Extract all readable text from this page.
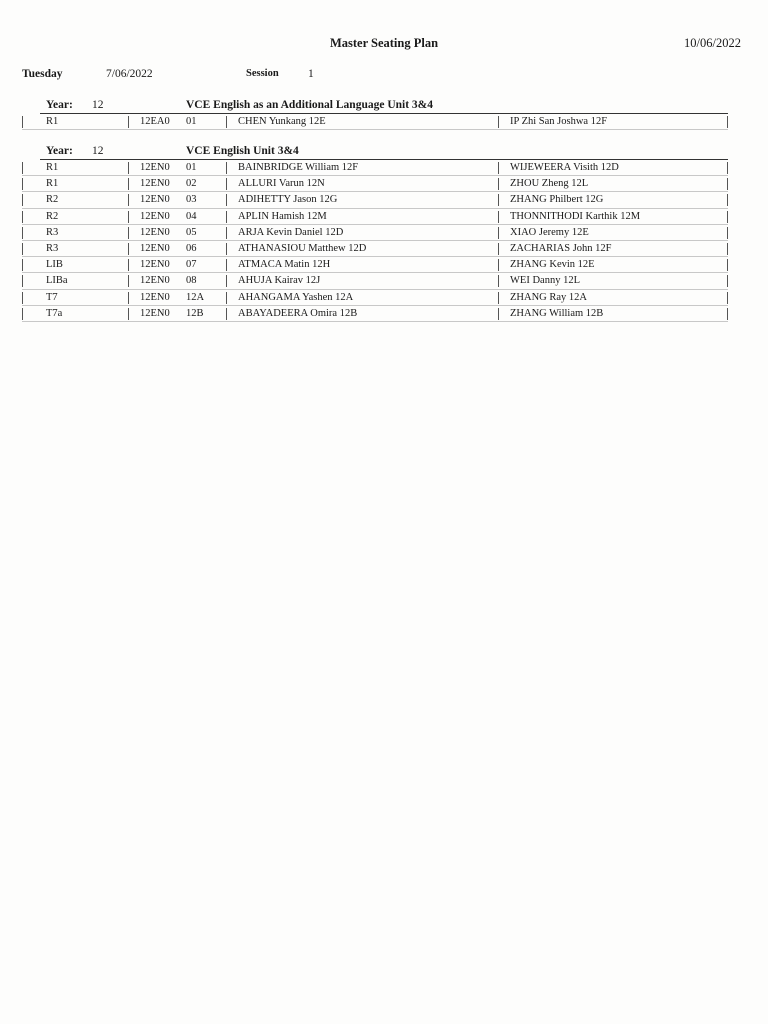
Master Seating Plan	10/06/2022
Tuesday	7/06/2022	Session	1
Year: 12	VCE English as an Additional Language Unit 3&4
R1	12EA0 01	CHEN Yunkang 12E	IP Zhi San Joshwa 12F
Year: 12	VCE English Unit 3&4
R1	12EN0 01	BAINBRIDGE William 12F	WIJEWEERA Visith 12D
R1	12EN0 02	ALLURI Varun 12N	ZHOU Zheng 12L
R2	12EN0 03	ADIHETTY Jason 12G	ZHANG Philbert 12G
R2	12EN0 04	APLIN Hamish 12M	THONNITHODI Karthik 12M
R3	12EN0 05	ARJA Kevin Daniel 12D	XIAO Jeremy 12E
R3	12EN0 06	ATHANASIOU Matthew 12D	ZACHARIAS John 12F
LIB	12EN0 07	ATMACA Matin 12H	ZHANG Kevin 12E
LIBa	12EN0 08	AHUJA Kairav 12J	WEI Danny 12L
T7	12EN0 12A	AHANGAMA Yashen 12A	ZHANG Ray 12A
T7a	12EN0 12B	ABAYADEERA Omira 12B	ZHANG William 12B
